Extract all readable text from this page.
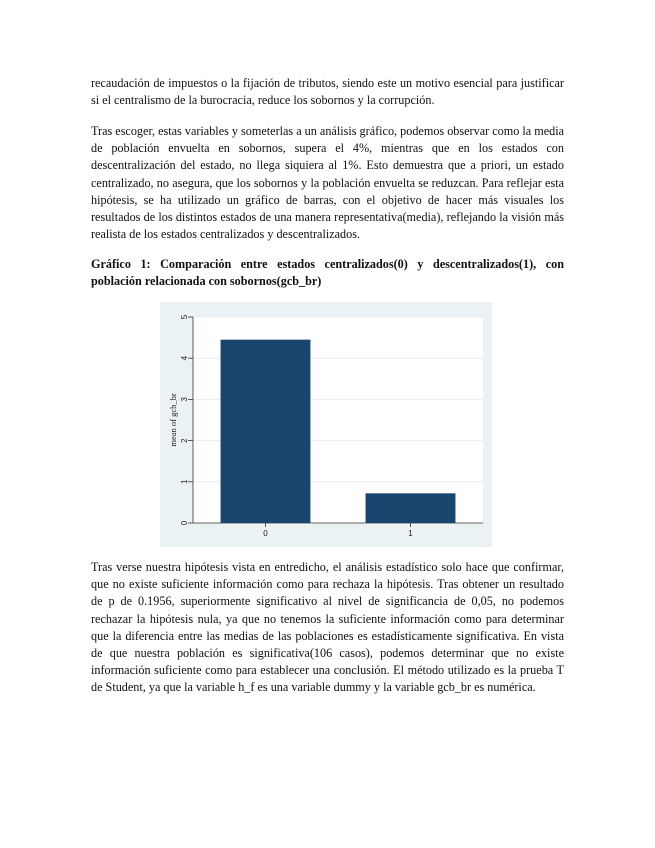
recaudación de impuestos o la fijación de tributos, siendo este un motivo esencial para justificar si el centralismo de la burocracia, reduce los sobornos y la corrupción.

Tras escoger, estas variables y someterlas a un análisis gráfico, podemos observar como la media de población envuelta en sobornos, supera el 4%, mientras que en los estados con descentralización del estado, no llega siquiera al 1%. Esto demuestra que a priori, un estado centralizado, no asegura, que los sobornos y la población envuelta se reduzcan. Para reflejar esta hipótesis, se ha utilizado un gráfico de barras, con el objetivo de hacer más visuales los resultados de los distintos estados de una manera representativa(media), reflejando la visión más realista de los estados centralizados y descentralizados.

Gráfico 1: Comparación entre estados centralizados(0) y descentralizados(1), con población relacionada con sobornos(gcb_br)

0
1
2
3
4
5
mean of gcb_br
0	1

Tras verse nuestra hipótesis vista en entredicho, el análisis estadístico solo hace que confirmar, que no existe suficiente información como para rechaza la hipótesis. Tras obtener un resultado de p de 0.1956, superiormente significativo al nivel de significancia de 0,05, no podemos rechazar la hipótesis nula, ya que no tenemos la suficiente información como para determinar que la diferencia entre las medias de las poblaciones es estadísticamente significativa. En vista de que nuestra población es significativa(106 casos), podemos determinar que no existe información suficiente como para establecer una conclusión. El método utilizado es la prueba T de Student, ya que la variable h_f es una variable dummy y la variable gcb_br es numérica.
